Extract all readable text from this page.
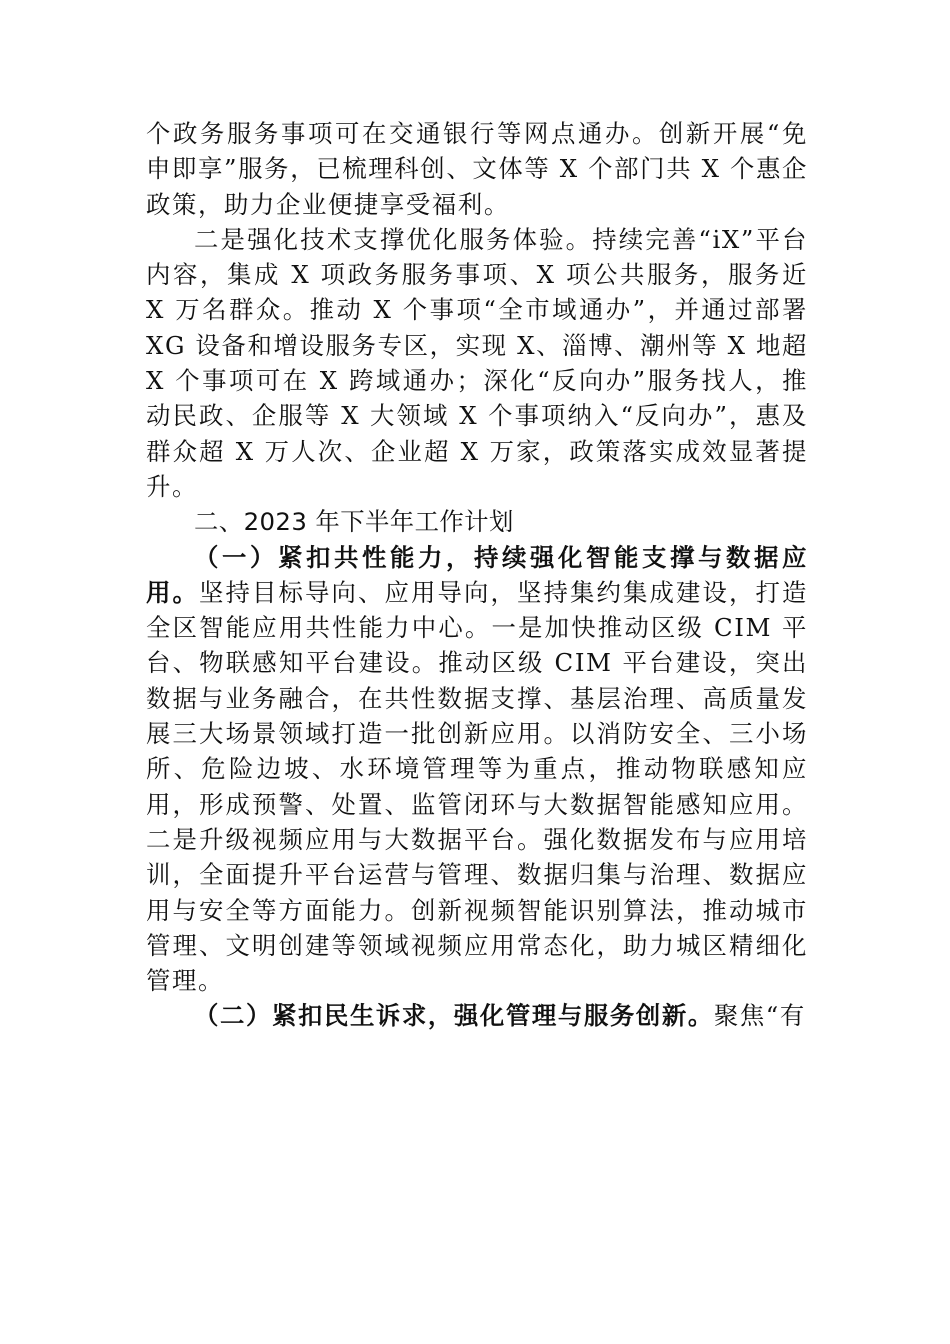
个政务服务事项可在交通银行等网点通办。创新开展“免申即享”服务，已梳理科创、文体等 X 个部门共 X 个惠企政策，助力企业便捷享受福利。

二是强化技术支撑优化服务体验。持续完善“iX”平台内容，集成 X 项政务服务事项、X 项公共服务，服务近 X 万名群众。推动 X 个事项“全市域通办”，并通过部署 XG 设备和增设服务专区，实现 X、淄博、潮州等 X 地超 X 个事项可在 X 跨域通办；深化“反向办”服务找人，推动民政、企服等 X 大领域 X 个事项纳入“反向办”，惠及群众超 X 万人次、企业超 X 万家，政策落实成效显著提升。

二、2023 年下半年工作计划

（一）紧扣共性能力，持续强化智能支撑与数据应用。坚持目标导向、应用导向，坚持集约集成建设，打造全区智能应用共性能力中心。一是加快推动区级 CIM 平台、物联感知平台建设。推动区级 CIM 平台建设，突出数据与业务融合，在共性数据支撑、基层治理、高质量发展三大场景领域打造一批创新应用。以消防安全、三小场所、危险边坡、水环境管理等为重点，推动物联感知应用，形成预警、处置、监管闭环与大数据智能感知应用。二是升级视频应用与大数据平台。强化数据发布与应用培训，全面提升平台运营与管理、数据归集与治理、数据应用与安全等方面能力。创新视频智能识别算法，推动城市管理、文明创建等领域视频应用常态化，助力城区精细化管理。

（二）紧扣民生诉求，强化管理与服务创新。聚焦“有
